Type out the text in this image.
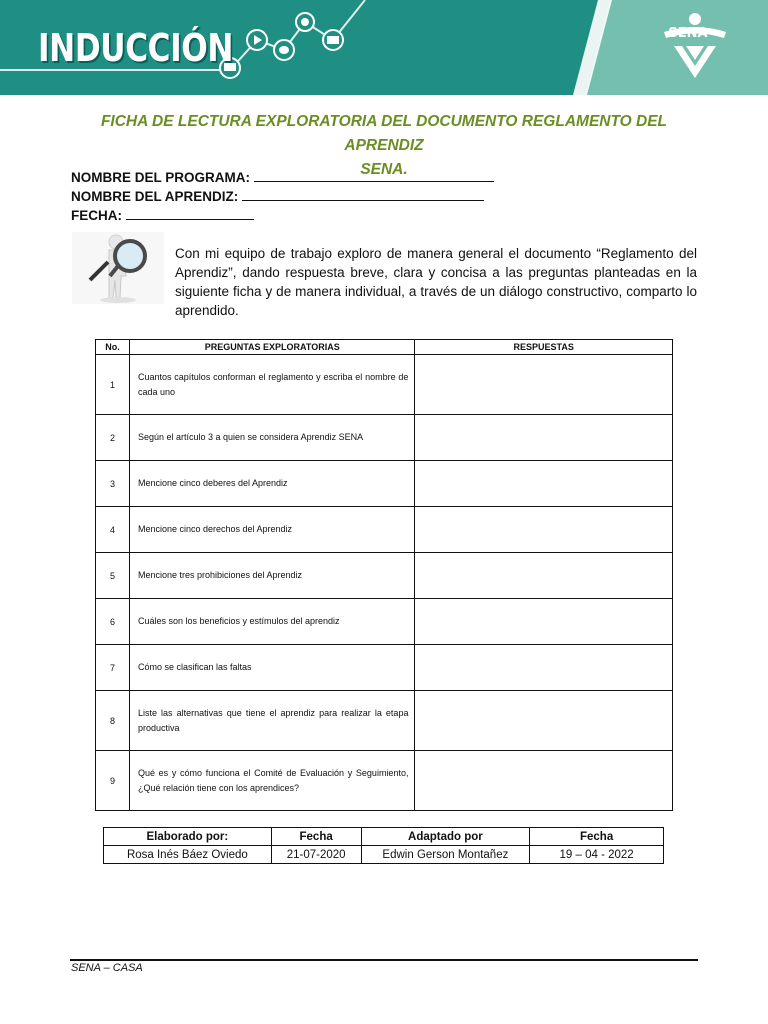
INDUCCIÓN	SENA
FICHA DE LECTURA EXPLORATORIA DEL DOCUMENTO REGLAMENTO DEL APRENDIZ
SENA.
NOMBRE DEL PROGRAMA:
NOMBRE DEL APRENDIZ:
FECHA:
Con mi equipo de trabajo exploro de manera general el documento “Reglamento del Aprendiz”, dando respuesta breve, clara y concisa a las preguntas planteadas en la siguiente ficha y de manera individual, a través de un diálogo constructivo, comparto lo aprendido.
No.	PREGUNTAS EXPLORATORIAS	RESPUESTAS
1	Cuantos capítulos conforman el reglamento y escriba el nombre de cada uno	
2	Según el artículo 3 a quien se considera Aprendiz SENA	
3	Mencione cinco deberes del Aprendiz	
4	Mencione cinco derechos del Aprendiz	
5	Mencione tres prohibiciones del Aprendiz	
6	Cuáles son los beneficios y estímulos del aprendiz	
7	Cómo se clasifican las faltas	
8	Liste las alternativas que tiene el aprendiz para realizar la etapa productiva	
9	Qué es y cómo funciona el Comité de Evaluación y Seguimiento, ¿Qué relación tiene con los aprendices?	
Elaborado por:	Fecha	Adaptado por	Fecha
Rosa Inés Báez Oviedo	21-07-2020	Edwin Gerson Montañez	19 – 04 - 2022
SENA – CASA
